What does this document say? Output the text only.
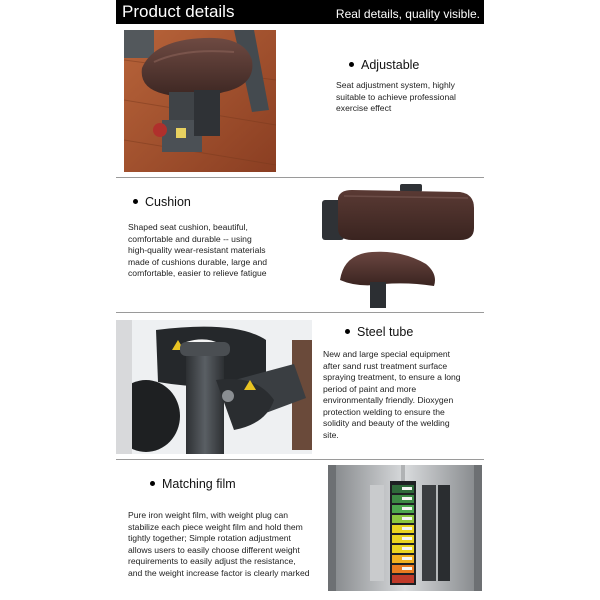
Product details	Real details, quality visible.
Adjustable
Seat adjustment system, highly
suitable to achieve professional
exercise effect
Cushion
Shaped seat cushion, beautiful,
comfortable and durable -- using
high-quality wear-resistant materials
made of cushions durable, large and
comfortable, easier to relieve fatigue
Steel tube
New and large special equipment
after sand rust treatment surface
spraying treatment, to ensure a long
period of paint and more
environmentally friendly. Dioxygen
protection welding to ensure the
solidity and beauty of the welding
site.
Matching film
Pure iron weight film, with weight plug can
stabilize each piece weight film and hold them
tightly together; Simple rotation adjustment
allows users to easily choose different weight
requirements to easily adjust the resistance,
and the weight increase factor is clearly marked
